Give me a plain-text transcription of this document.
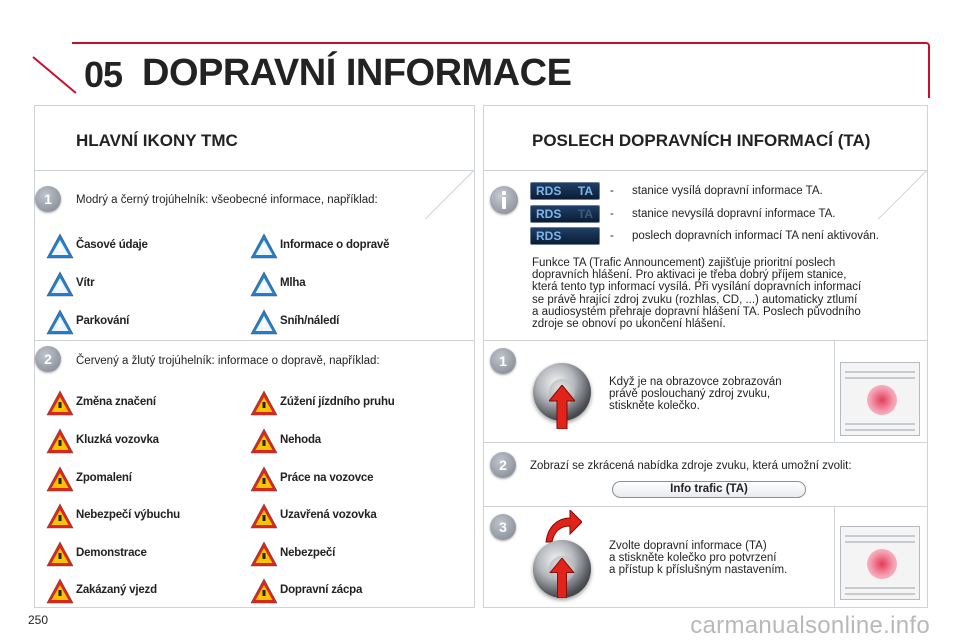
05 DOPRAVNÍ INFORMACE
HLAVNÍ IKONY TMC
1	Modrý a černý trojúhelník: všeobecné informace, například:
2	Červený a žlutý trojúhelník: informace o dopravě, například:
POSLECH DOPRAVNÍCH INFORMACÍ (TA)
1
2	Zobrazí se zkrácená nabídka zdroje zvuku, která umožní zvolit:
Info trafic (TA)
3
250	carmanualsonline.info
Časové údaje	Informace o dopravě
Vítr	Mlha
Parkování	Sníh/náledí
Změna značení	Zúžení jízdního pruhu
Kluzká vozovka	Nehoda
Zpomalení	Práce na vozovce
Nebezpečí výbuchu	Uzavřená vozovka
Demonstrace	Nebezpečí
Zakázaný vjezd	Dopravní zácpa
RDS TA - stanice vysílá dopravní informace TA.
RDS TA - stanice nevysílá dopravní informace TA.
RDS	- poslech dopravních informací TA není aktivován.
Funkce TA (Trafic Announcement) zajišťuje prioritní poslech
dopravních hlášení. Pro aktivaci je třeba dobrý příjem stanice,
která tento typ informací vysílá. Při vysílání dopravních informací
se právě hrající zdroj zvuku (rozhlas, CD, ...) automaticky ztlumí
a audiosystém přehraje dopravní hlášení TA. Poslech původního
zdroje se obnoví po ukončení hlášení.
Když je na obrazovce zobrazován
právě poslouchaný zdroj zvuku,
stiskněte kolečko.
Zvolte dopravní informace (TA)
a stiskněte kolečko pro potvrzení
a přístup k příslušným nastavením.
